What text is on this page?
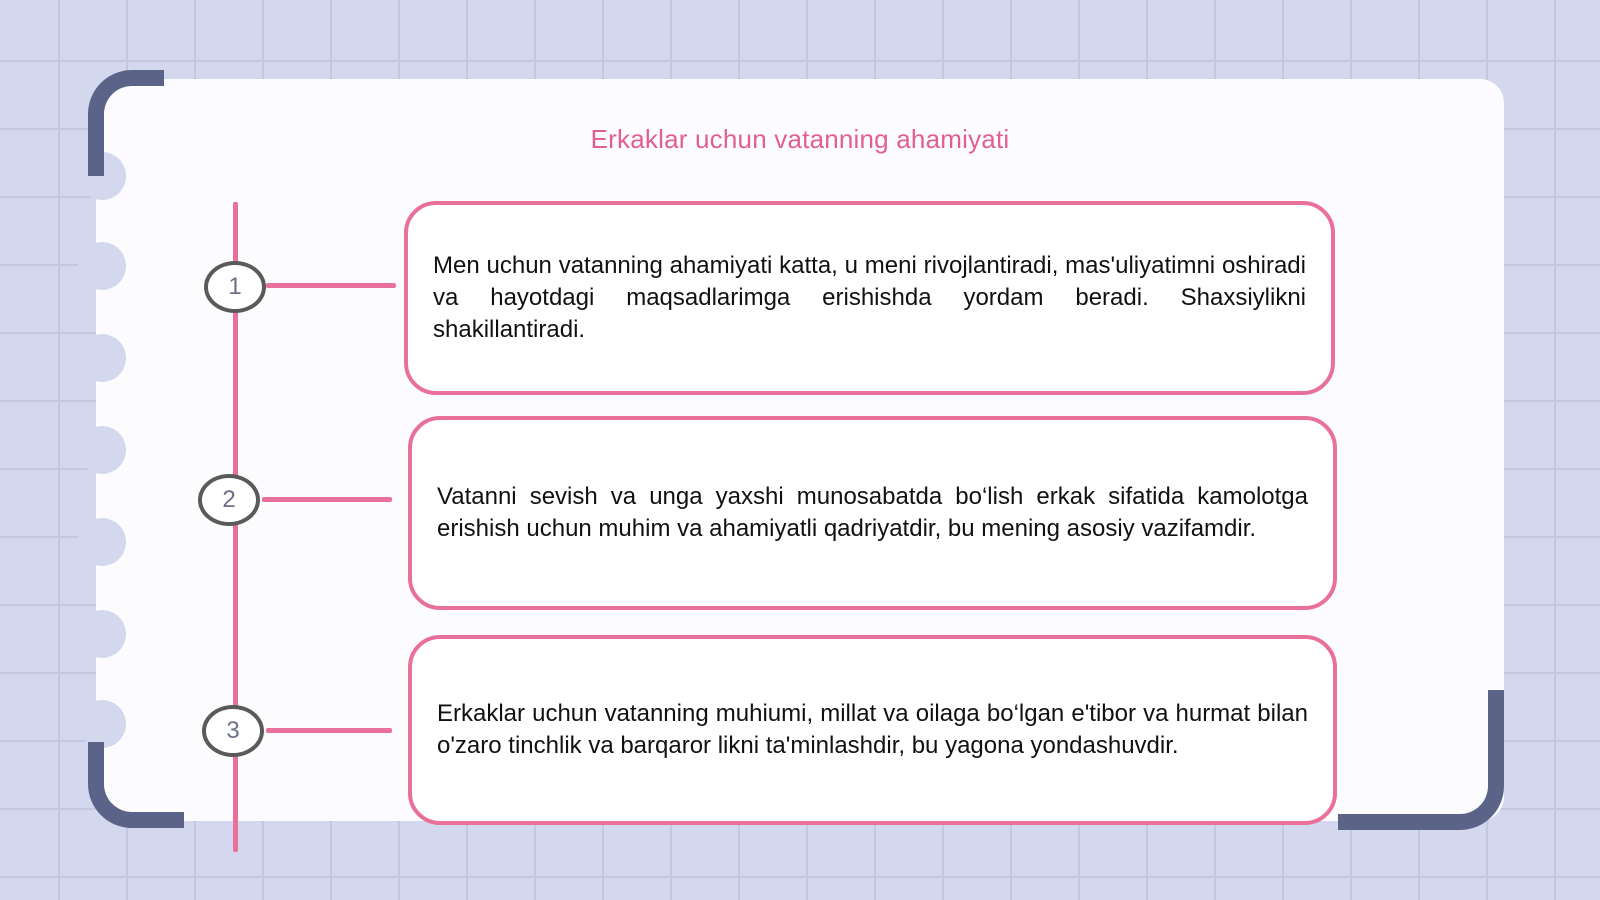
Erkaklar uchun vatanning ahamiyati
1
2
3

Men uchun vatanning ahamiyati katta, u meni rivojlantiradi, mas'uliyatimni oshiradi va hayotdagi maqsadlarimga erishishda yordam beradi. Shaxsiylikni shakillantiradi.

Vatanni sevish va unga yaxshi munosabatda bo‘lish erkak sifatida kamolotga erishish uchun muhim va ahamiyatli qadriyatdir, bu mening asosiy vazifamdir.

Erkaklar uchun vatanning muhiumi, millat va oilaga bo‘lgan e'tibor va hurmat bilan o'zaro tinchlik va barqaror likni ta'minlashdir, bu yagona yondashuvdir.
